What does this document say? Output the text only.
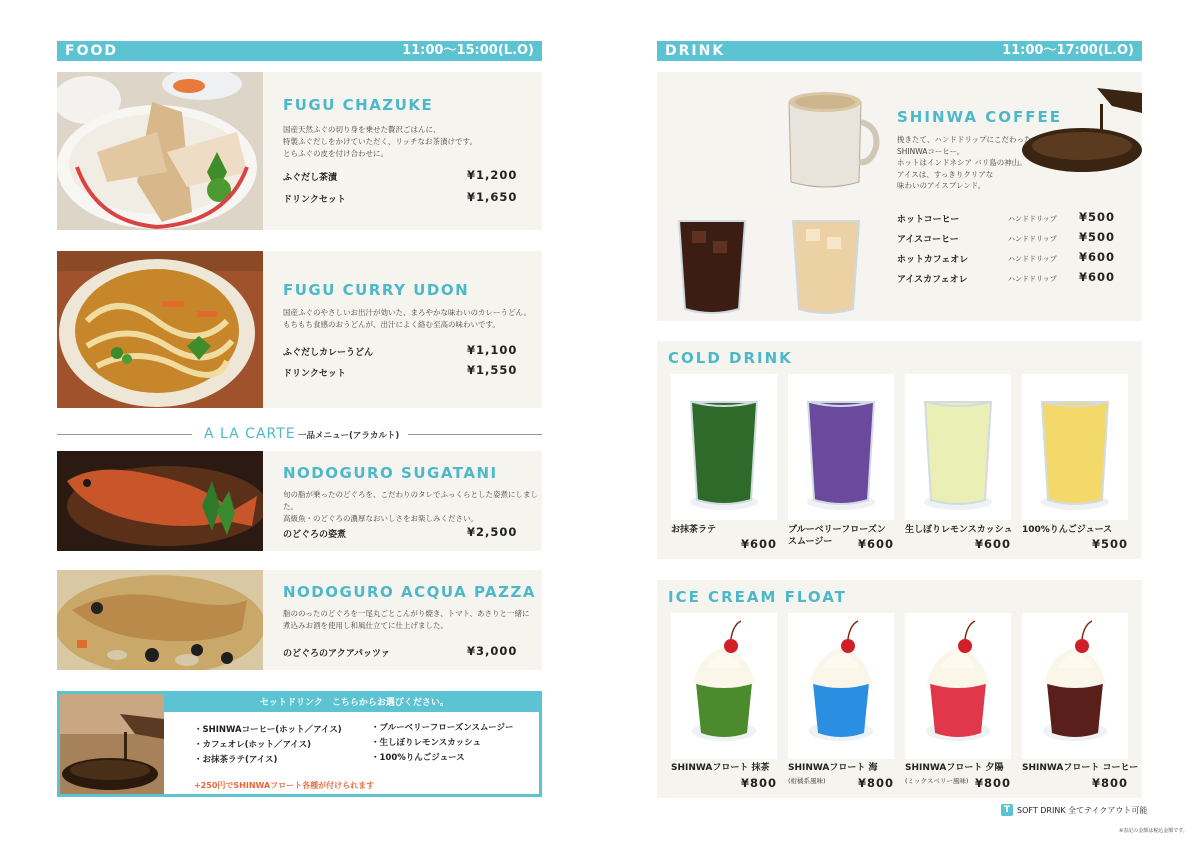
FOOD	11:00〜15:00(L.O)
FUGU CHAZUKE
国産天然ふぐの切り身を乗せた贅沢ごはんに、
特製ふぐだしをかけていただく、リッチなお茶漬けです。
とらふぐの皮を付け合わせに。
ふぐだし茶漬	¥1,200
ドリンクセット	¥1,650
FUGU CURRY UDON
国産ふぐのやさしいお出汁が効いた、まろやかな味わいのカレーうどん。
もちもち食感のおうどんが、出汁によく絡む至高の味わいです。
ふぐだしカレーうどん	¥1,100
ドリンクセット	¥1,550
A LA CARTE 一品メニュー(アラカルト)
NODOGURO SUGATANI
旬の脂が乗ったのどぐろを、こだわりのタレでふっくらとした姿煮にしました。
高級魚・のどぐろの濃厚なおいしさをお楽しみください。
のどぐろの姿煮	¥2,500
NODOGURO ACQUA PAZZA
脂ののったのどぐろを一尾丸ごとこんがり焼き、トマト、あさりと一緒に
煮込みお酒を使用し和風仕立てに仕上げました。
のどぐろのアクアパッツァ	¥3,000
セットドリンク　こちらからお選びください。
・SHINWAコーヒー(ホット／アイス)
・カフェオレ(ホット／アイス)
・お抹茶ラテ(アイス)
・ブルーベリーフローズンスムージー
・生しぼりレモンスカッシュ
・100%りんごジュース
+250円でSHINWAフロート各種が付けられます
DRINK	11:00〜17:00(L.O)
SHINWA COFFEE
挽きたて、ハンドドリップにこだわった
SHINWAコーヒー。
ホットはインドネシア バリ島の神山。
アイスは、すっきりクリアな
味わいのアイスブレンド。
ホットコーヒー	ハンドドリップ ¥500
アイスコーヒー	ハンドドリップ ¥500
ホットカフェオレ	ハンドドリップ ¥600
アイスカフェオレ	ハンドドリップ ¥600
COLD DRINK
お抹茶ラテ
¥600
ブルーベリーフローズン
スムージー ¥600
生しぼりレモンスカッシュ
¥600
100%りんごジュース
¥500
ICE CREAM FLOAT
SHINWAフロート 抹茶
¥800
SHINWAフロート 海
(柑橘系風味)	¥800
SHINWAフロート 夕陽
(ミックスベリー風味) ¥800
SHINWAフロート コーヒー
¥800
T SOFT DRINK 全てテイクアウト可能
※表記の金額は税込金額です。
